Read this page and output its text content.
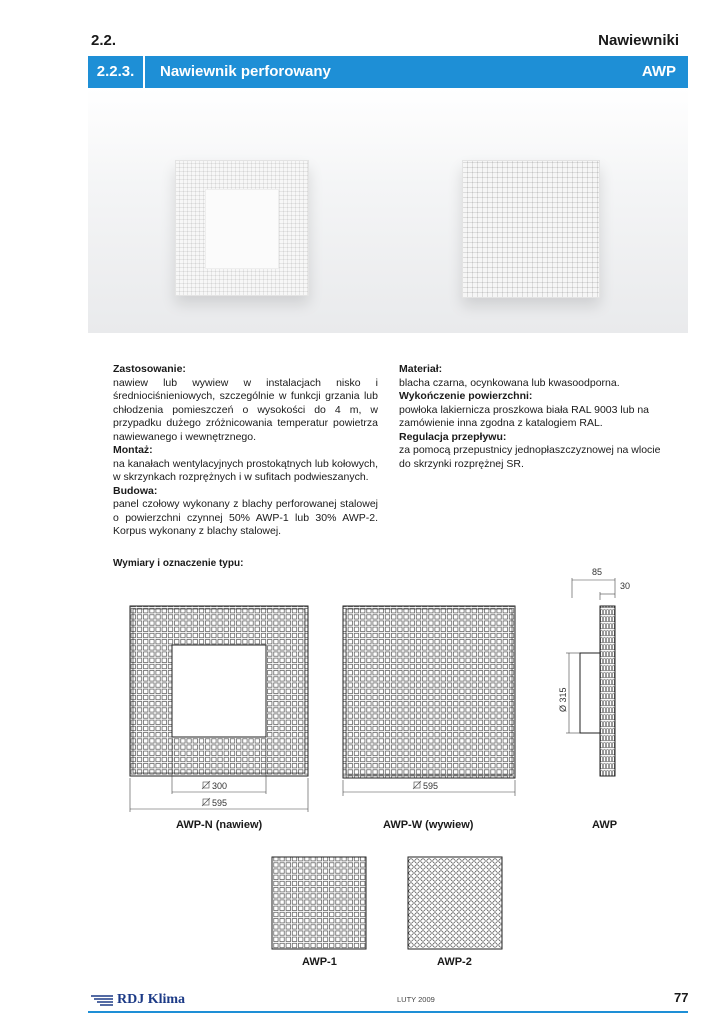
2.2.	Nawiewniki
2.2.3.	Nawiewnik perforowany	AWP

Zastosowanie:

nawiew lub wywiew w instalacjach nisko i średniociśnieniowych, szczególnie w funkcji grzania lub chłodzenia pomieszczeń o wysokości do 4 m, w przypadku dużego zróżnicowania temperatur powietrza nawiewanego i wewnętrznego.

Montaż:

na kanałach wentylacyjnych prostokątnych lub kołowych, w skrzynkach rozprężnych i w sufitach podwieszanych.

Budowa:

panel czołowy wykonany z blachy perforowanej stalowej o powierzchni czynnej 50% AWP-1 lub 30% AWP-2. Korpus wykonany z blachy stalowej.

Materiał:

blacha czarna, ocynkowana lub kwasoodporna.

Wykończenie powierzchni:

powłoka lakiernicza proszkowa biała RAL 9003 lub na zamówienie inna zgodna z katalogiem RAL.

Regulacja przepływu:

za pomocą przepustnicy jednopłaszczyznowej na wlocie do skrzynki rozprężnej SR.

Wymiary i oznaczenie typu:
300
595
595
85
30
Ø 315
AWP-N (nawiew)	AWP-W (wywiew)	AWP
AWP-1	AWP-2
RDJ Klima	LUTY 2009	77
